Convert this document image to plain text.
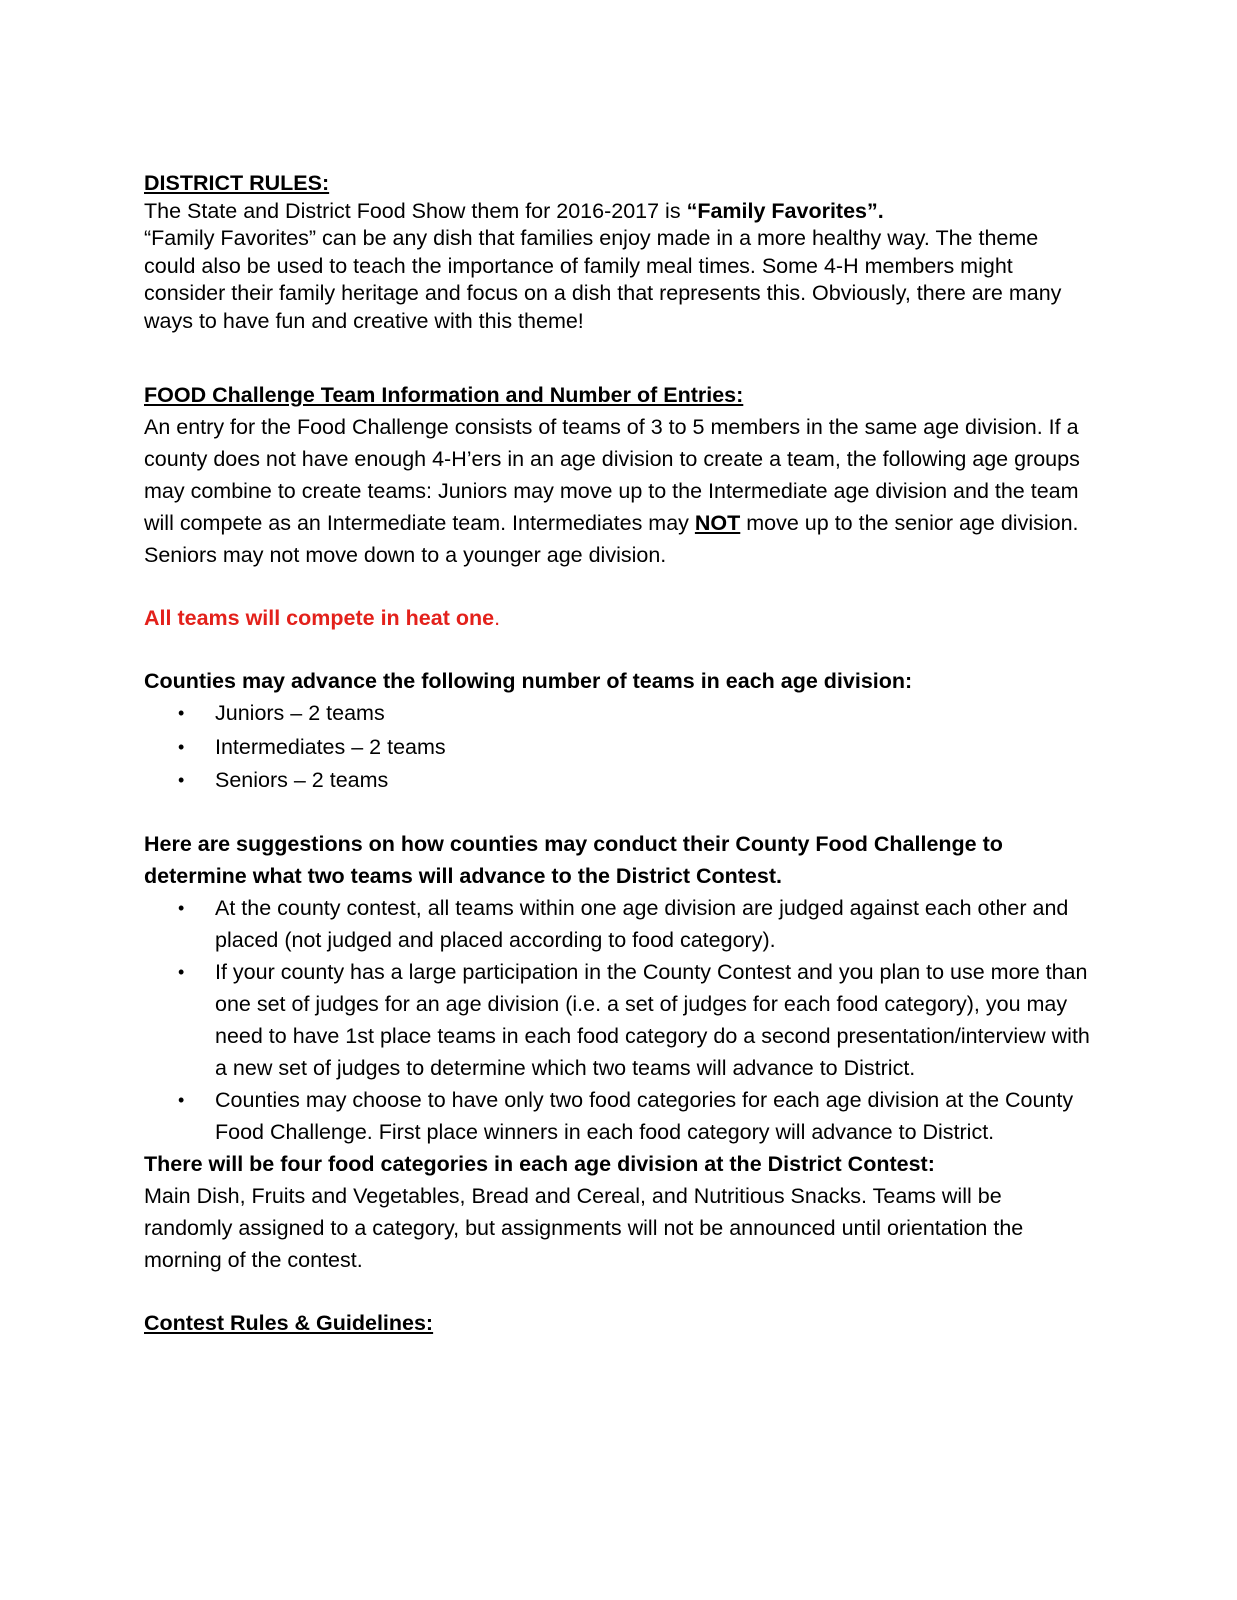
DISTRICT RULES:

The State and District Food Show them for 2016-2017 is “Family Favorites”.

“Family Favorites” can be any dish that families enjoy made in a more healthy way. The theme could also be used to teach the importance of family meal times. Some 4-H members might consider their family heritage and focus on a dish that represents this. Obviously, there are many ways to have fun and creative with this theme!

FOOD Challenge Team Information and Number of Entries:

An entry for the Food Challenge consists of teams of 3 to 5 members in the same age division. If a county does not have enough 4-H’ers in an age division to create a team, the following age groups may combine to create teams: Juniors may move up to the Intermediate age division and the team will compete as an Intermediate team. Intermediates may NOT move up to the senior age division. Seniors may not move down to a younger age division.

All teams will compete in heat one.

Counties may advance the following number of teams in each age division:

• Juniors – 2 teams
• Intermediates – 2 teams
• Seniors – 2 teams

Here are suggestions on how counties may conduct their County Food Challenge to determine what two teams will advance to the District Contest.

• At the county contest, all teams within one age division are judged against each other and placed (not judged and placed according to food category).
• If your county has a large participation in the County Contest and you plan to use more than one set of judges for an age division (i.e. a set of judges for each food category), you may need to have 1st place teams in each food category do a second presentation/interview with a new set of judges to determine which two teams will advance to District.
• Counties may choose to have only two food categories for each age division at the County Food Challenge. First place winners in each food category will advance to District.

There will be four food categories in each age division at the District Contest:

Main Dish, Fruits and Vegetables, Bread and Cereal, and Nutritious Snacks. Teams will be randomly assigned to a category, but assignments will not be announced until orientation the morning of the contest.

Contest Rules & Guidelines:
